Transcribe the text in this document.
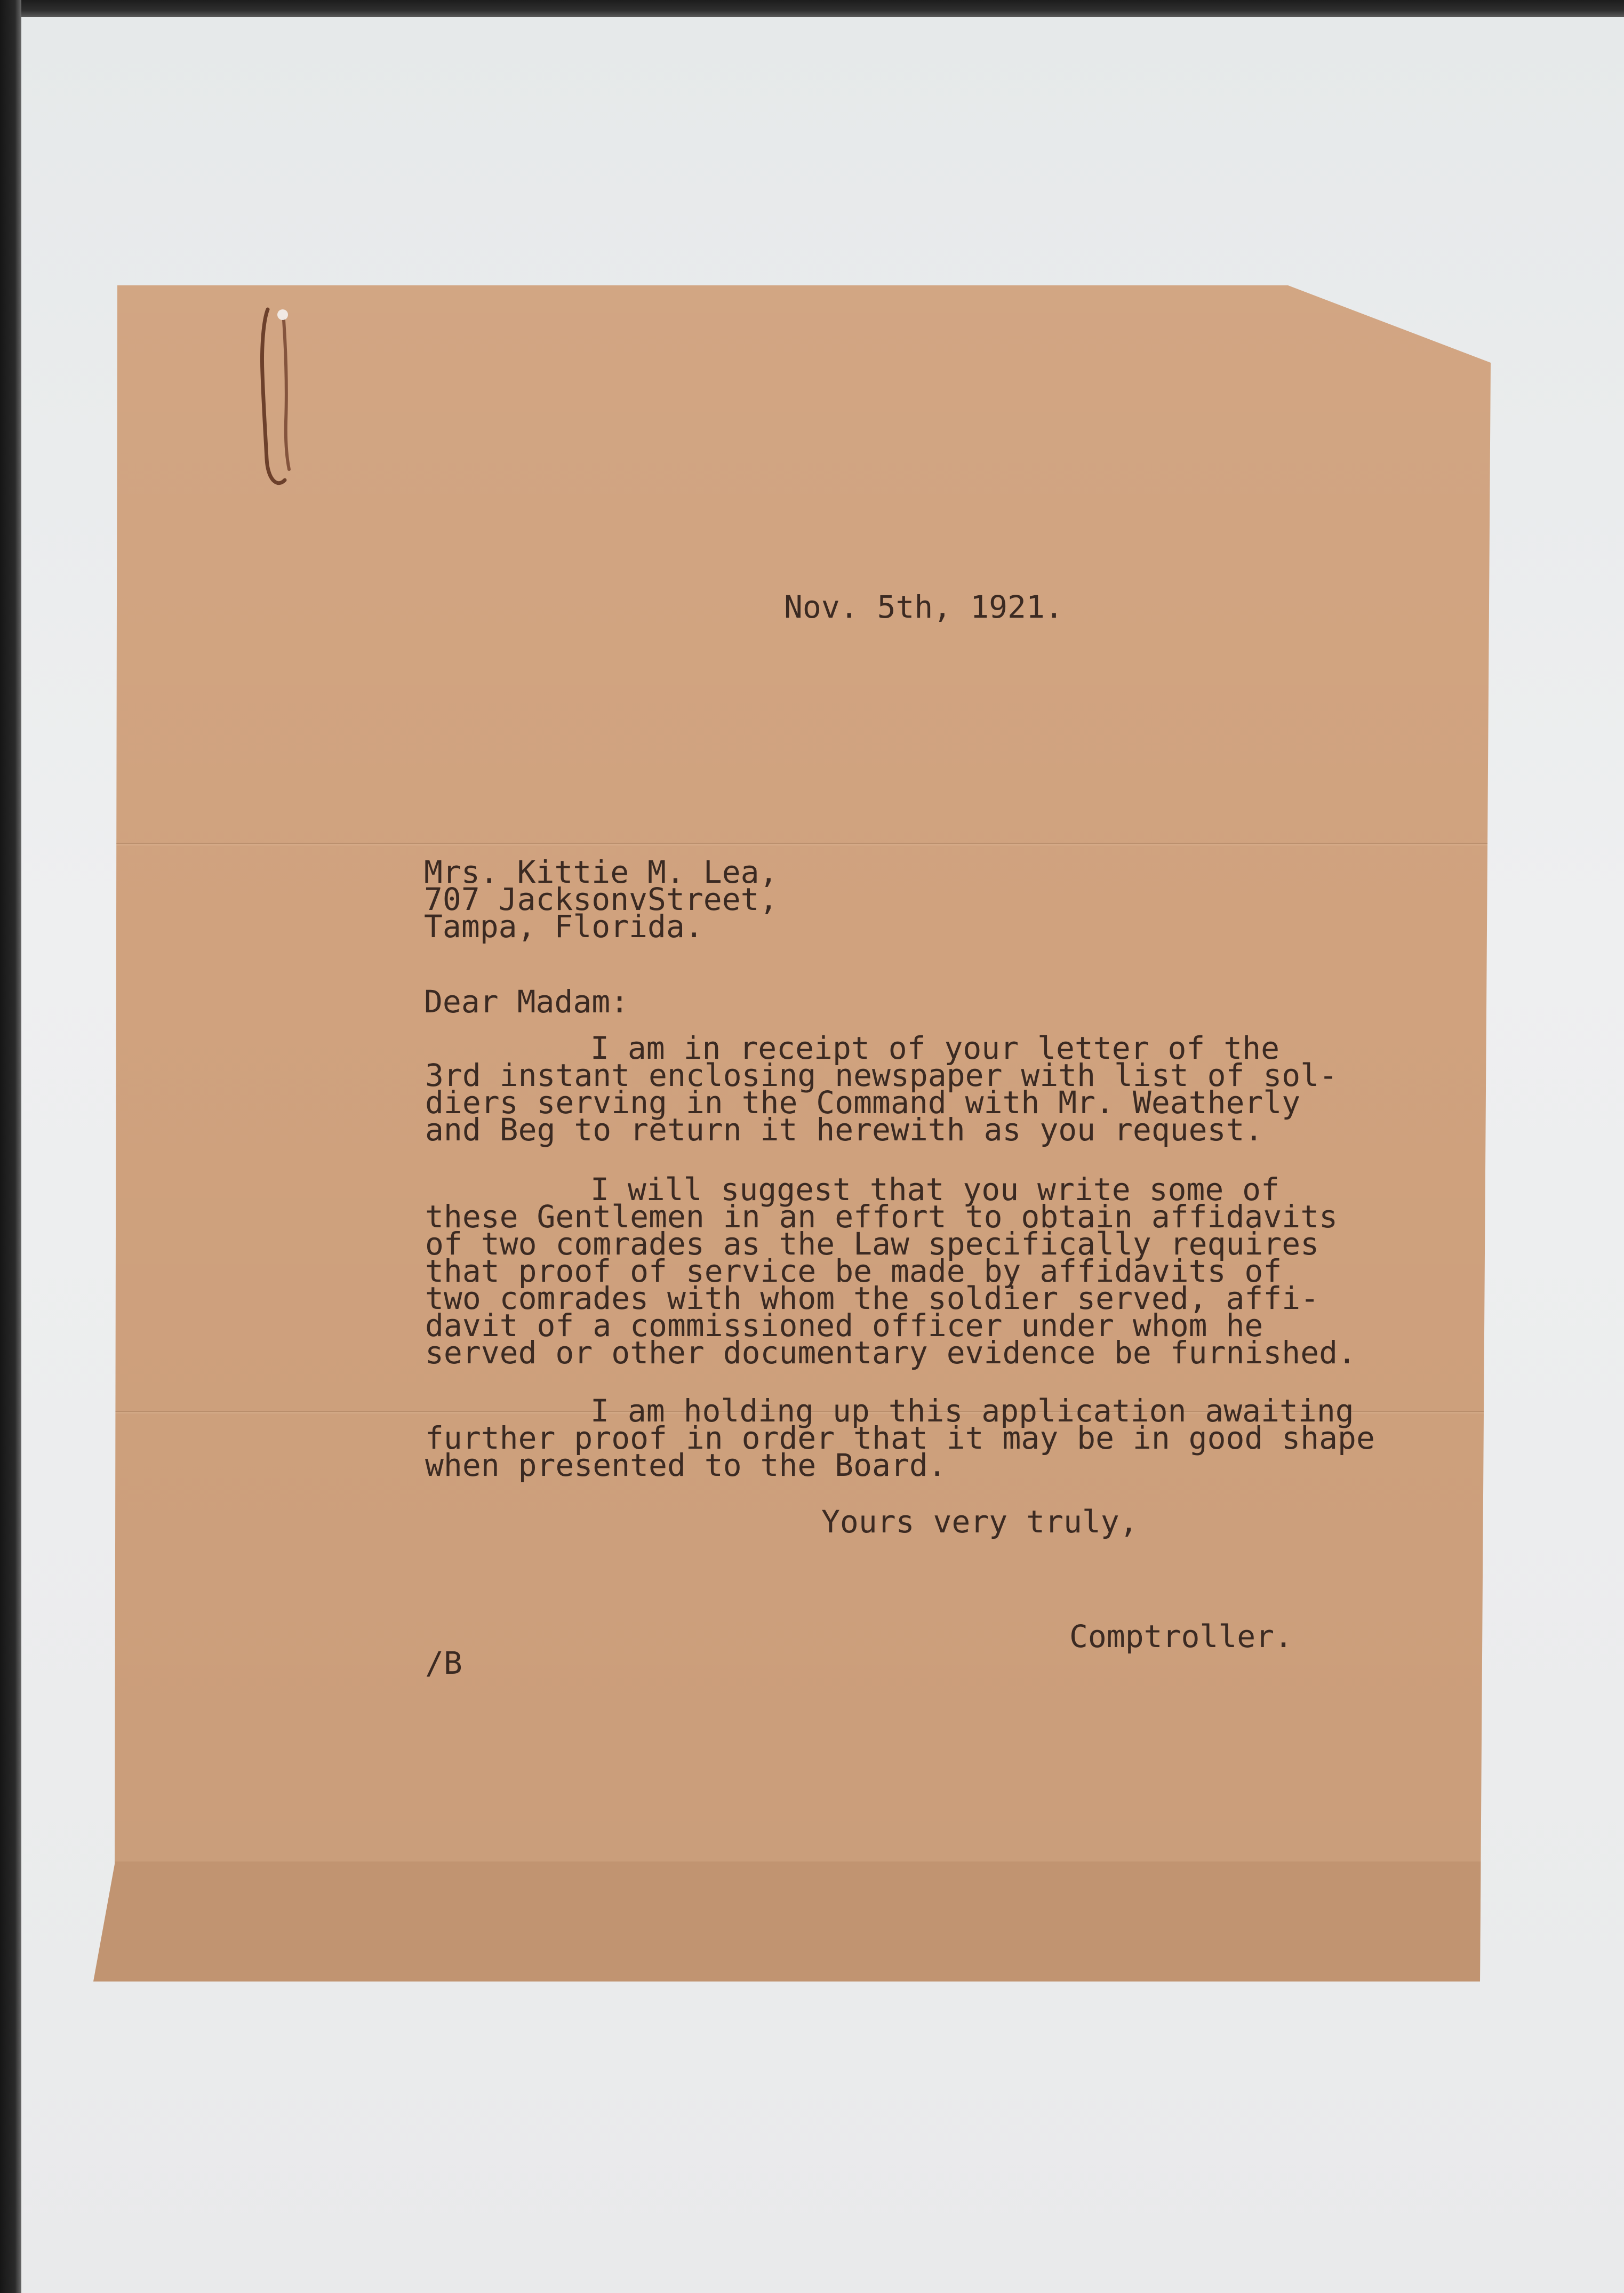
Nov. 5th, 1921.

Mrs. Kittie M. Lea,
707 JacksonvStreet,
Tampa, Florida.

Dear Madam:

I am in receipt of your letter of the
3rd instant enclosing newspaper with list of sol-
diers serving in the Command with Mr. Weatherly
and Beg to return it herewith as you request.
I will suggest that you write some of
these Gentlemen in an effort to obtain affidavits
of two comrades as the Law specifically requires
that proof of service be made by affidavits of
two comrades with whom the soldier served, affi-
davit of a commissioned officer under whom he
served or other documentary evidence be furnished.
I am holding up this application awaiting
further proof in order that it may be in good shape
when presented to the Board.

Yours very truly,

Comptroller.

/B
